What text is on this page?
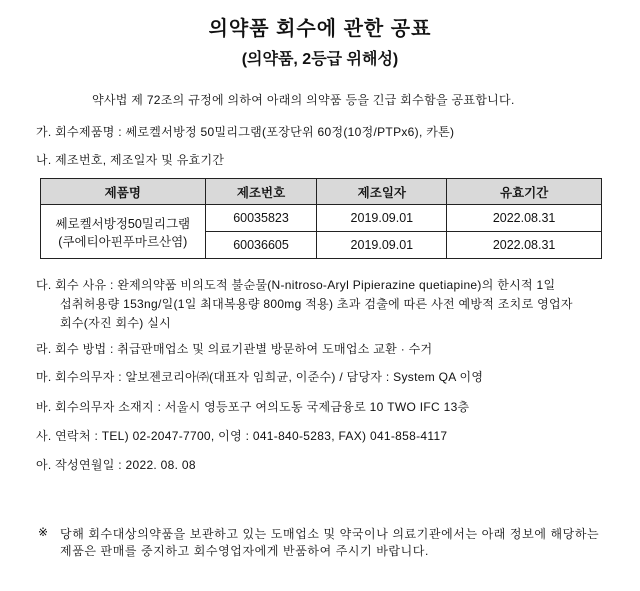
의약품 회수에 관한 공표
(의약품, 2등급 위해성)
약사법 제 72조의 규정에 의하여 아래의 의약품 등을 긴급 회수함을 공표합니다.
가. 회수제품명 : 쎄로켈서방정 50밀리그램(포장단위 60정(10정/PTPx6), 카톤)
나. 제조번호, 제조일자 및 유효기간
제품명	제조번호	제조일자	유효기간

쎄로켈서방정50밀리그램
(쿠에티아핀푸마르산염)	60035823	2019.09.01	2022.08.31
	60036605	2019.09.01	2022.08.31
다. 회수 사유 : 완제의약품 비의도적 불순물(N-nitroso-Aryl Pipierazine quetiapine)의 한시적 1일
섭취허용량 153ng/일(1일 최대복용량 800mg 적용) 초과 검출에 따른 사전 예방적 조치로 영업자
회수(자진 회수) 실시
라. 회수 방법 : 취급판매업소 및 의료기관별 방문하여 도매업소 교환 · 수거
마. 회수의무자 : 알보젠코리아㈜(대표자 임희균, 이준수) / 담당자 : System QA 이영
바. 회수의무자 소재지 : 서울시 영등포구 여의도동 국제금융로 10 TWO IFC 13층
사. 연락처 : TEL) 02-2047-7700, 이영 : 041-840-5283, FAX) 041-858-4117
아. 작성연월일 : 2022. 08. 08
※ 당해 회수대상의약품을 보관하고 있는 도매업소 및 약국이나 의료기관에서는 아래 정보에 해당하는
제품은 판매를 중지하고 회수영업자에게 반품하여 주시기 바랍니다.
